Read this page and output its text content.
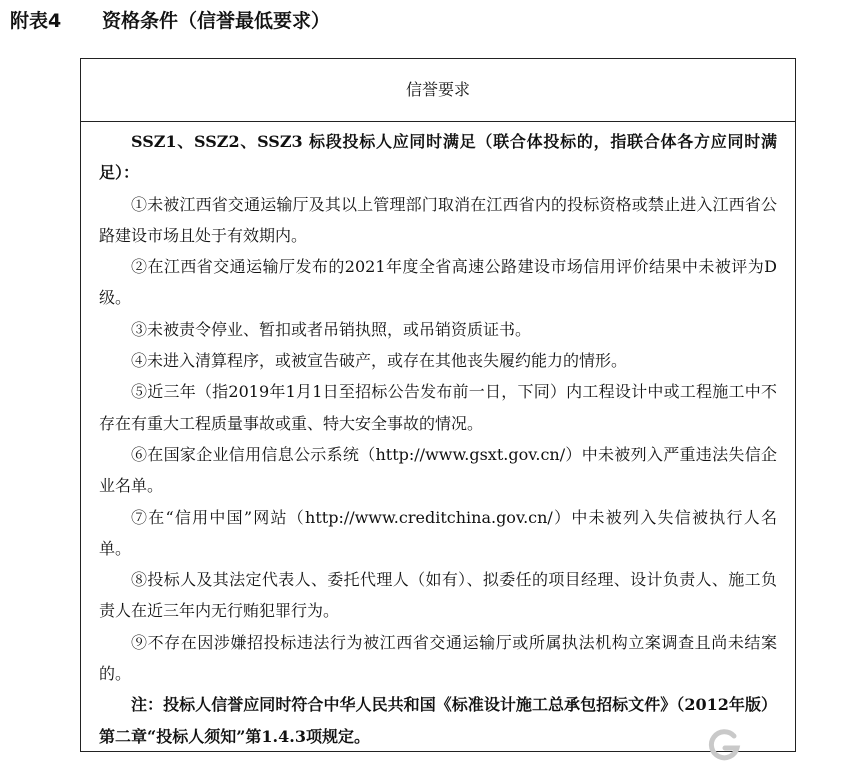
附表4 资格条件（信誉最低要求）
信誉要求

SSZ1、SSZ2、SSZ3 标段投标人应同时满足（联合体投标的，指联合体各方应同时满足）：

①未被江西省交通运输厅及其以上管理部门取消在江西省内的投标资格或禁止进入江西省公路建设市场且处于有效期内。

②在江西省交通运输厅发布的2021年度全省高速公路建设市场信用评价结果中未被评为D级。

③未被责令停业、暂扣或者吊销执照，或吊销资质证书。

④未进入清算程序，或被宣告破产，或存在其他丧失履约能力的情形。

⑤近三年（指2019年1月1日至招标公告发布前一日，下同）内工程设计中或工程施工中不存在有重大工程质量事故或重、特大安全事故的情况。

⑥在国家企业信用信息公示系统（http://www.gsxt.gov.cn/）中未被列入严重违法失信企业名单。

⑦在“信用中国”网站（http://www.creditchina.gov.cn/）中未被列入失信被执行人名单。

⑧投标人及其法定代表人、委托代理人（如有）、拟委任的项目经理、设计负责人、施工负责人在近三年内无行贿犯罪行为。

⑨不存在因涉嫌招投标违法行为被江西省交通运输厅或所属执法机构立案调查且尚未结案的。

注：投标人信誉应同时符合中华人民共和国《标准设计施工总承包招标文件》（2012年版）第二章“投标人须知”第1.4.3项规定。
